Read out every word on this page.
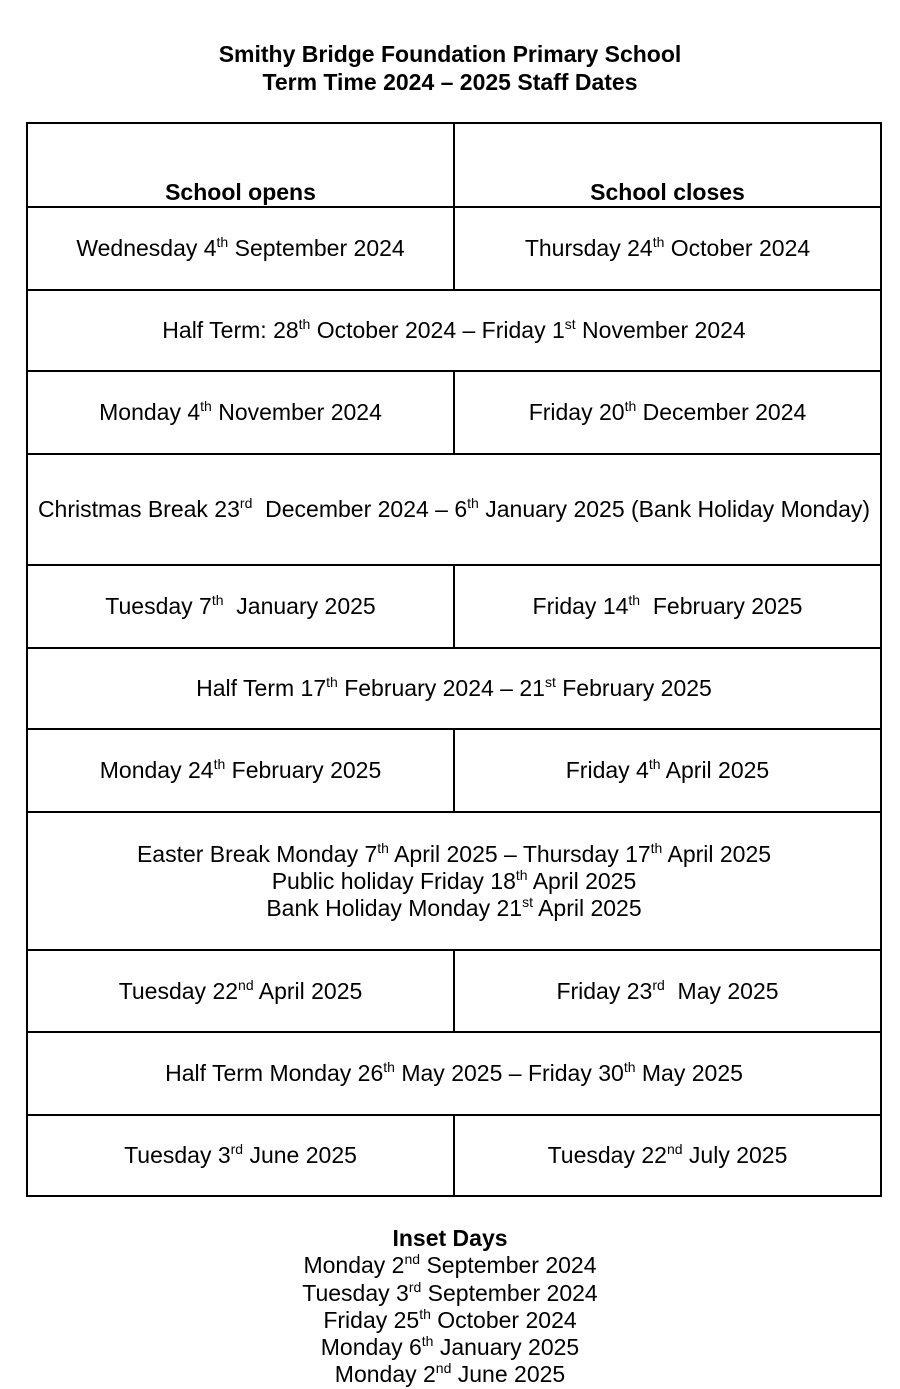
Smithy Bridge Foundation Primary School
Term Time 2024 – 2025 Staff Dates
School opens	School closes
Wednesday 4th September 2024	Thursday 24th October 2024

Half Term: 28th October 2024 – Friday 1st November 2024	

Monday 4th November 2024	Friday 20th December 2024

Christmas Break 23rd  December 2024 – 6th January 2025 (Bank Holiday Monday)	

Tuesday 7th  January 2025	Friday 14th  February 2025

Half Term 17th February 2024 – 21st February 2025	

Monday 24th February 2025	Friday 4th April 2025

Easter Break Monday 7th April 2025 – Thursday 17th April 2025
Public holiday Friday 18th April 2025
Bank Holiday Monday 21st April 2025	

Tuesday 22nd April 2025	Friday 23rd  May 2025

Half Term Monday 26th May 2025 – Friday 30th May 2025	

Tuesday 3rd June 2025	Tuesday 22nd July 2025
Inset Days
Monday 2nd September 2024
Tuesday 3rd September 2024
Friday 25th October 2024
Monday 6th January 2025
Monday 2nd June 2025
